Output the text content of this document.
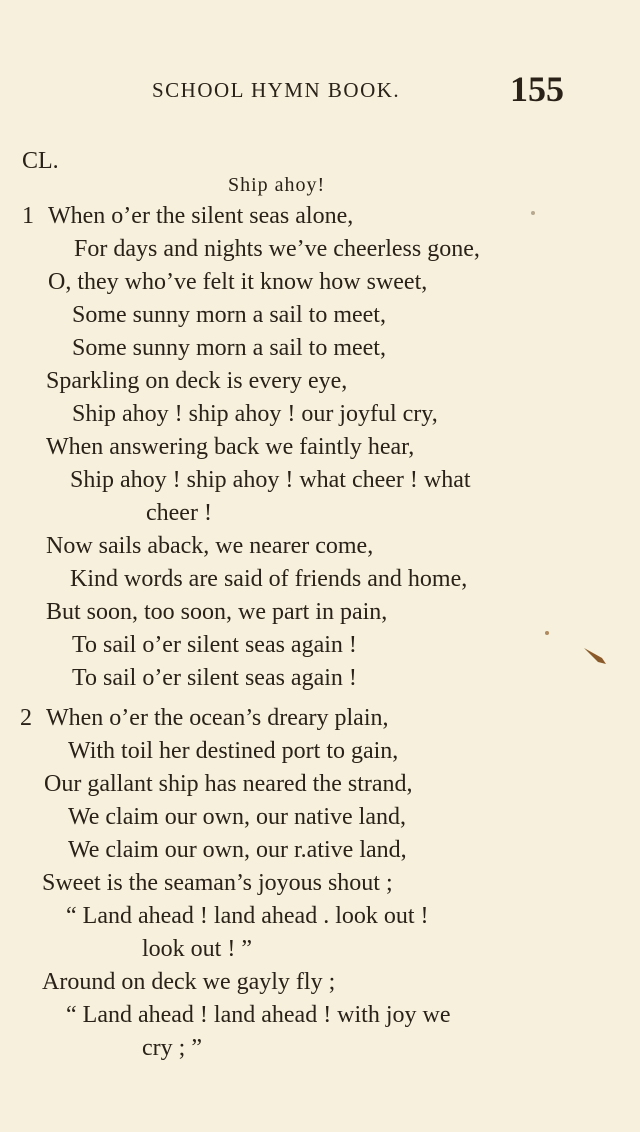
SCHOOL HYMN BOOK.	155
CL.
Ship ahoy!
1 When o’er the silent seas alone,
For days and nights we’ve cheerless gone,
O, they who’ve felt it know how sweet,
Some sunny morn a sail to meet,
Some sunny morn a sail to meet,
Sparkling on deck is every eye,
Ship ahoy ! ship ahoy ! our joyful cry,
When answering back we faintly hear,
Ship ahoy ! ship ahoy ! what cheer ! what
cheer !
Now sails aback, we nearer come,
Kind words are said of friends and home,
But soon, too soon, we part in pain,
To sail o’er silent seas again !
To sail o’er silent seas again !
2 When o’er the ocean’s dreary plain,
With toil her destined port to gain,
Our gallant ship has neared the strand,
We claim our own, our native land,
We claim our own, our r.ative land,
Sweet is the seaman’s joyous shout ;
“ Land ahead ! land ahead . look out !
look out ! ”
Around on deck we gayly fly ;
“ Land ahead ! land ahead ! with joy we
cry ; ”
